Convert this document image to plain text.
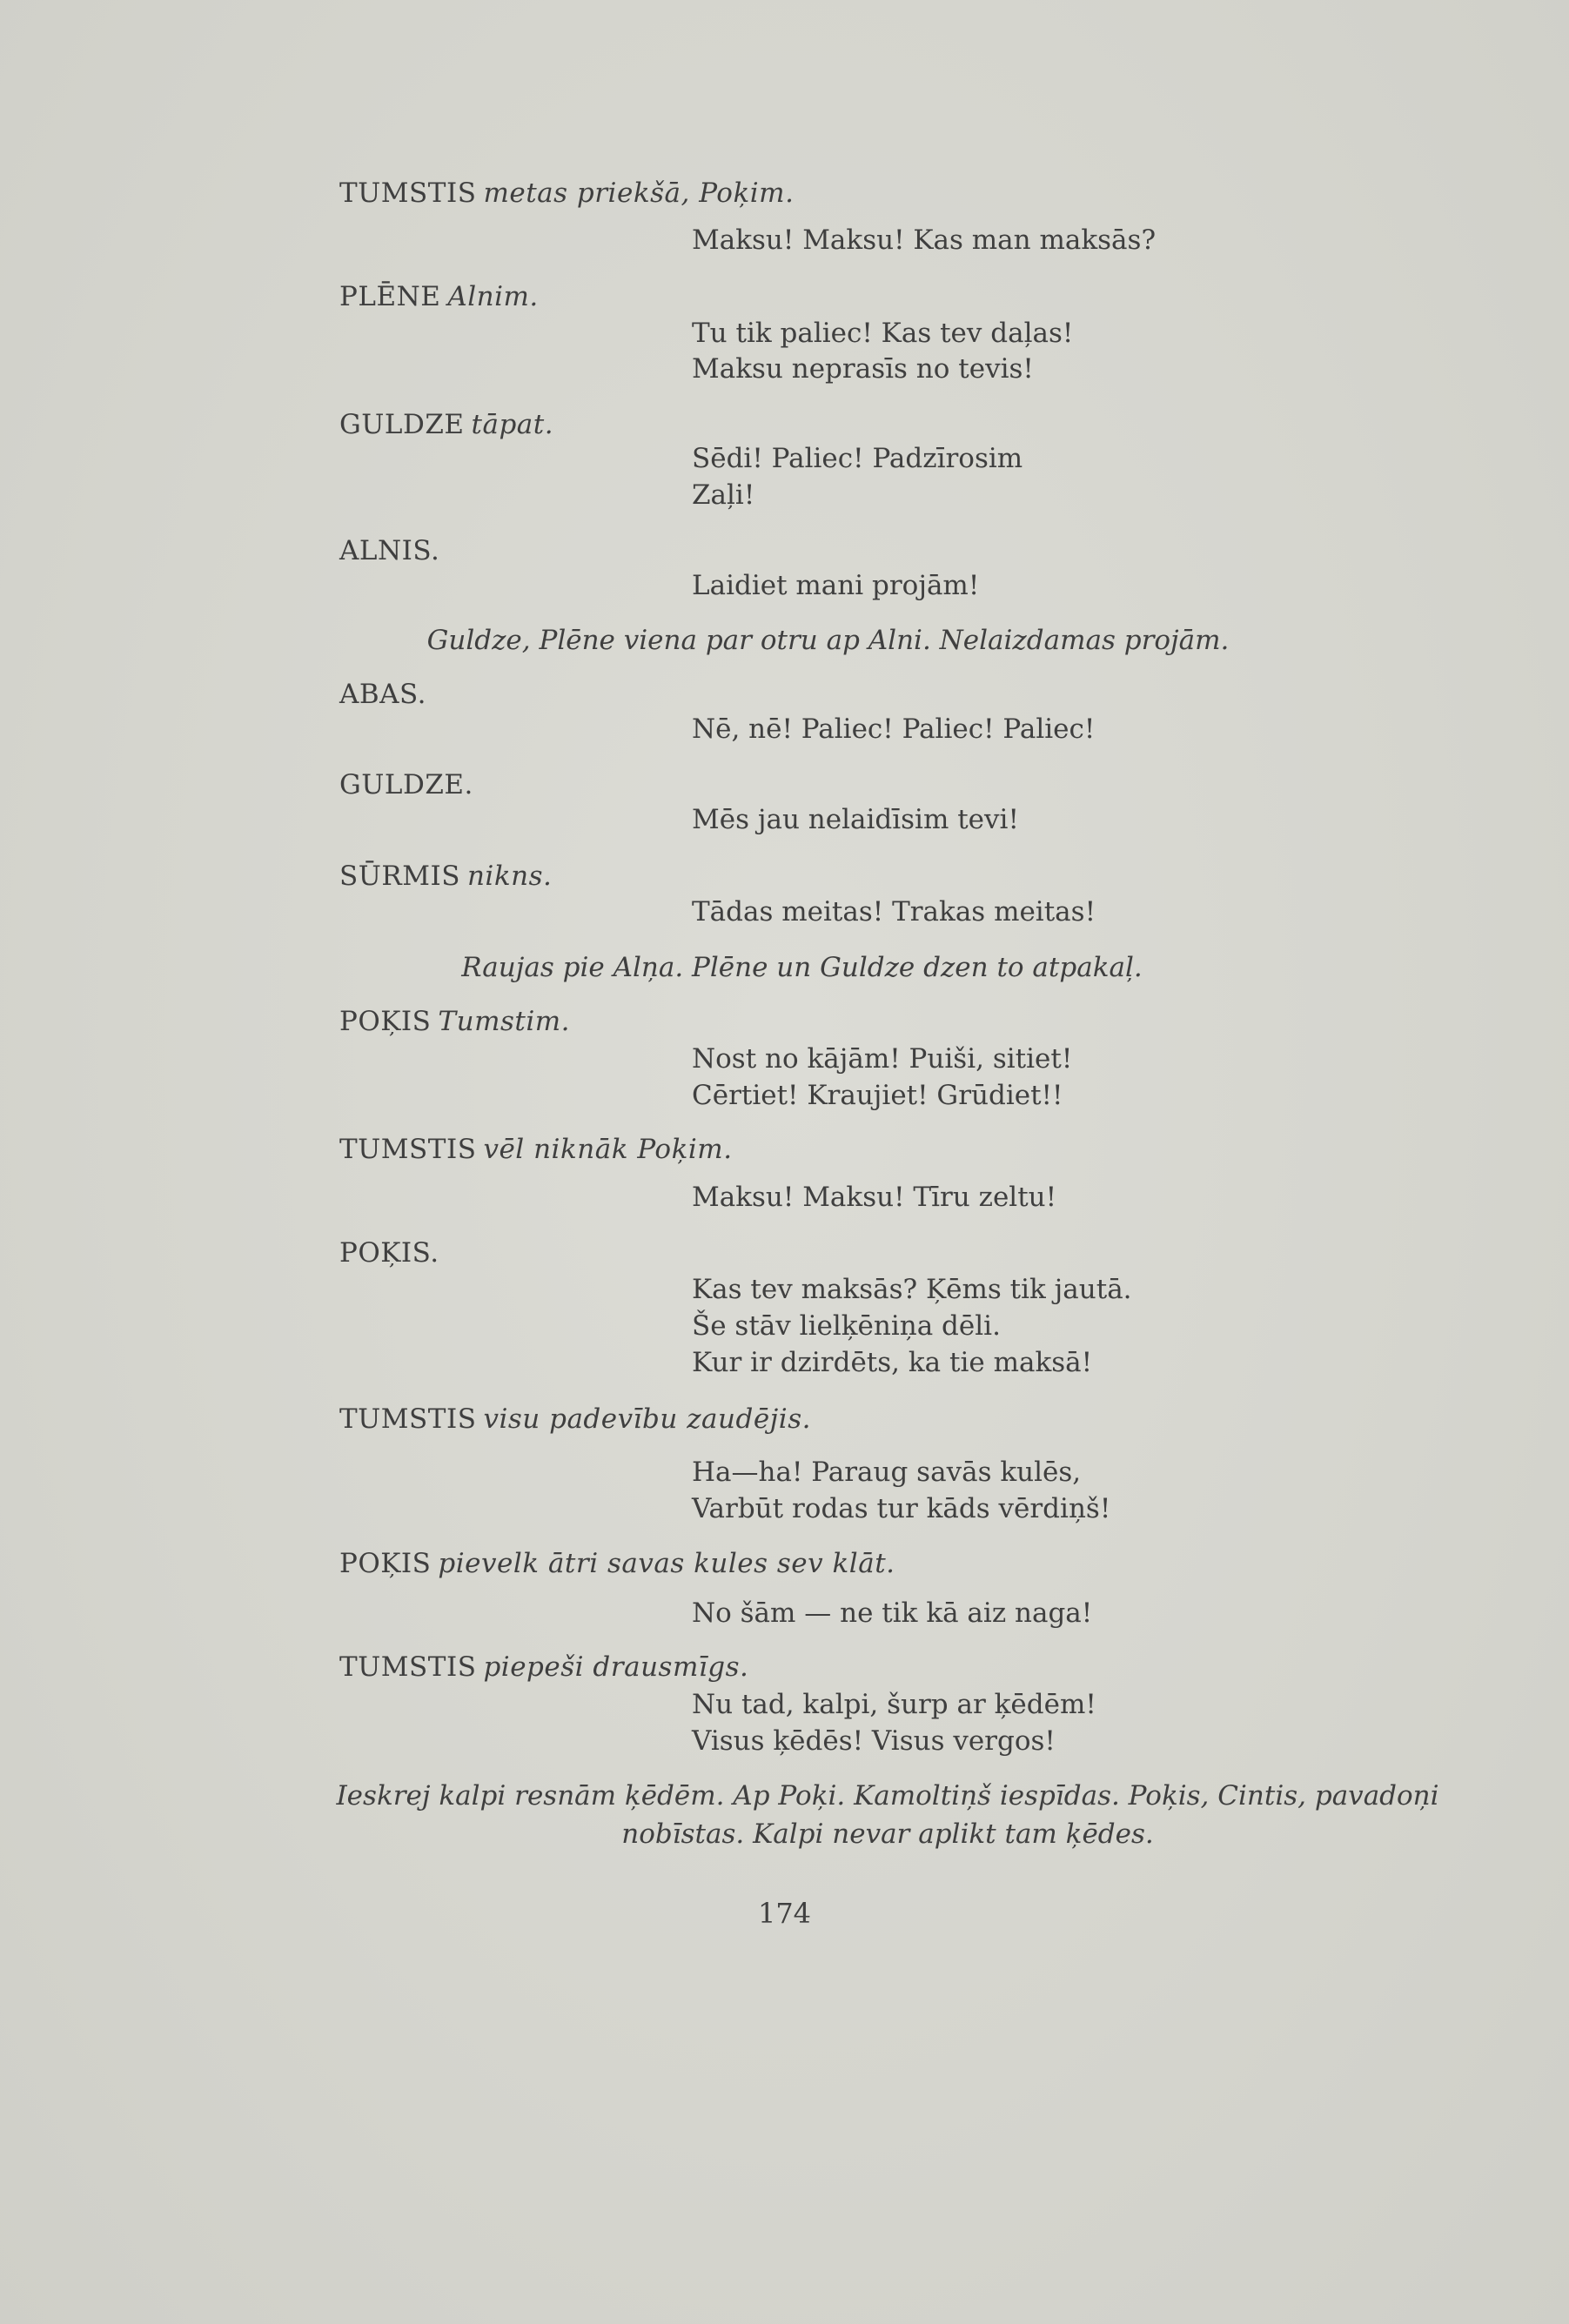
TUMSTIS metas priekšā, Poķim.
Maksu! Maksu! Kas man maksās?
PLĒNE Alnim.
Tu tik paliec! Kas tev daļas!
Maksu neprasīs no tevis!
GULDZE tāpat.
Sēdi! Paliec! Padzīrosim
Zaļi!
ALNIS.
Laidiet mani projām!
Guldze, Plēne viena par otru ap Alni. Nelaizdamas projām.
ABAS.
Nē, nē! Paliec! Paliec! Paliec!
GULDZE.
Mēs jau nelaidīsim tevi!
SŪRMIS nikns.
Tādas meitas! Trakas meitas!
Raujas pie Alņa. Plēne un Guldze dzen to atpakaļ.
POĶIS Tumstim.
Nost no kājām! Puiši, sitiet!
Cērtiet! Kraujiet! Grūdiet!!
TUMSTIS vēl niknāk Poķim.
Maksu! Maksu! Tīru zeltu!
POĶIS.
Kas tev maksās? Ķēms tik jautā.
Še stāv lielķēniņa dēli.
Kur ir dzirdēts, ka tie maksā!
TUMSTIS visu padevību zaudējis.
Ha—ha! Paraug savās kulēs,
Varbūt rodas tur kāds vērdiņš!
POĶIS pievelk ātri savas kules sev klāt.
No šām — ne tik kā aiz naga!
TUMSTIS piepeši drausmīgs.
Nu tad, kalpi, šurp ar ķēdēm!
Visus ķēdēs! Visus vergos!
Ieskrej kalpi resnām ķēdēm. Ap Poķi. Kamoltiņš iespīdas. Poķis, Cintis, pavadoņi nobīstas. Kalpi nevar aplikt tam ķēdes.
174
